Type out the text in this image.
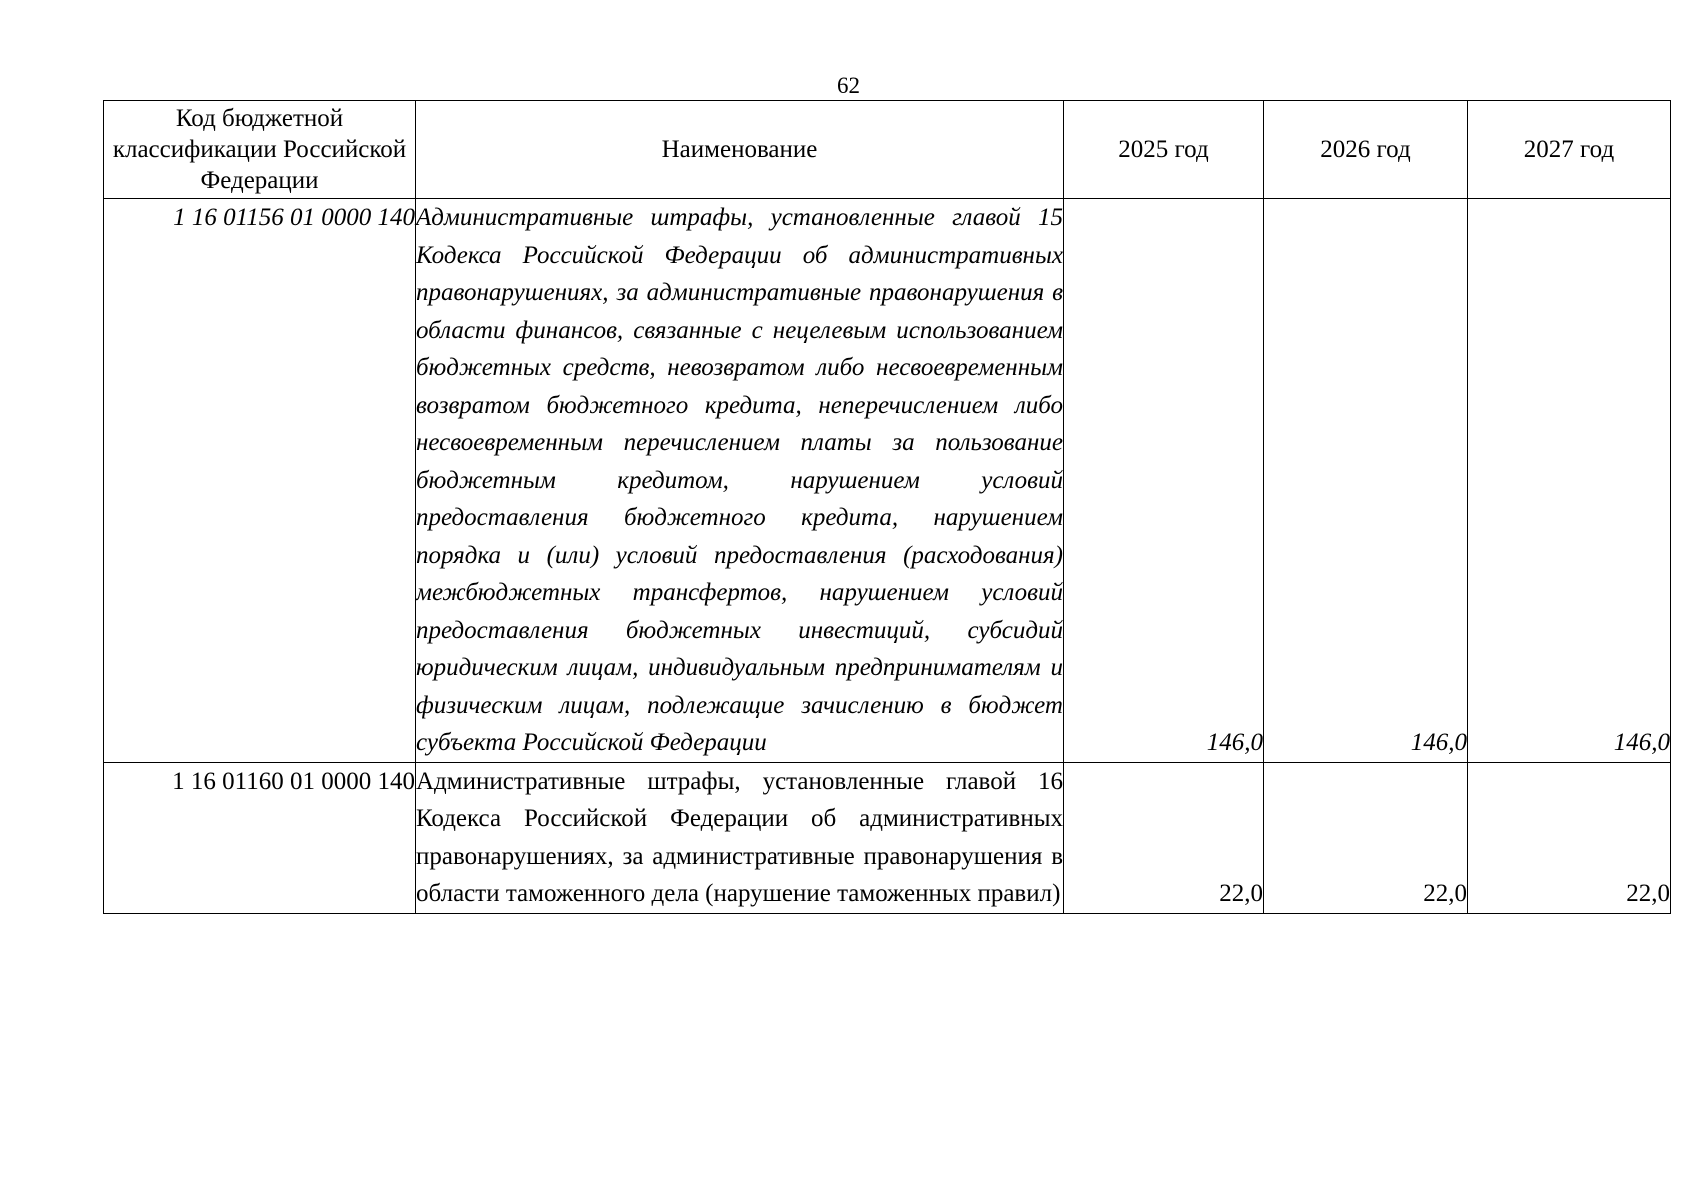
62
Код бюджетной классификации Российской Федерации	Наименование	2025 год	2026 год	2027 год
1 16 01156 01 0000 140	Административные штрафы, установленные главой 15 Кодекса Российской Федерации об административных правонарушениях, за административные правонарушения в области финансов, связанные с нецелевым использованием бюджетных средств, невозвратом либо несвоевременным возвратом бюджетного кредита, неперечислением либо несвоевременным перечислением платы за пользование бюджетным кредитом, нарушением условий предоставления бюджетного кредита, нарушением порядка и (или) условий предоставления (расходования) межбюджетных трансфертов, нарушением условий предоставления бюджетных инвестиций, субсидий юридическим лицам, индивидуальным предпринимателям и физическим лицам, подлежащие зачислению в бюджет субъекта Российской Федерации	146,0	146,0	146,0
1 16 01160 01 0000 140	Административные штрафы, установленные главой 16 Кодекса Российской Федерации об административных правонарушениях, за административные правонарушения в области таможенного дела (нарушение таможенных правил)	22,0	22,0	22,0
